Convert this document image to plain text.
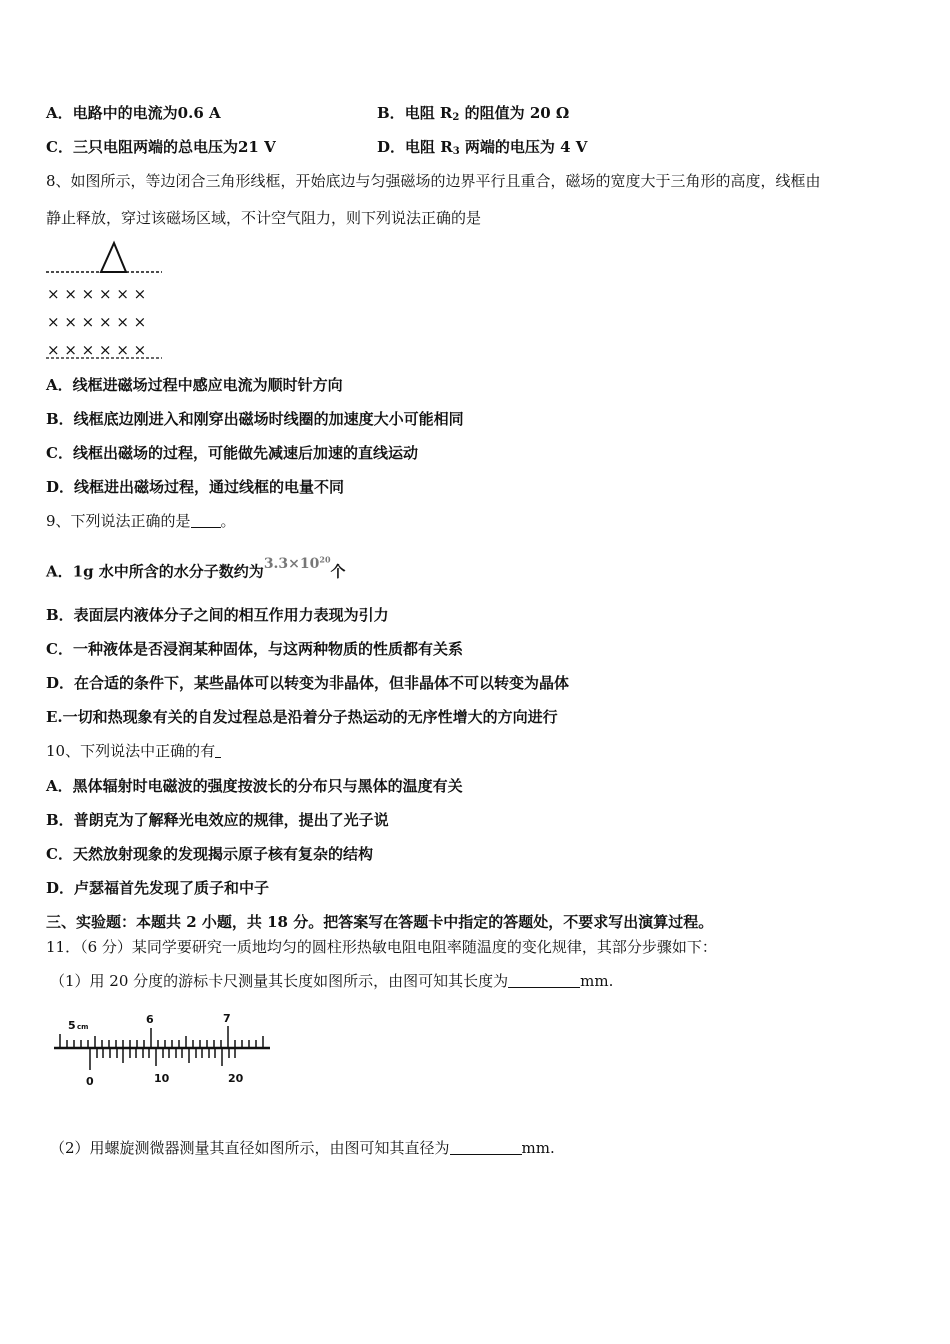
A．电路中的电流为0.6 A	B．电阻 $R_2$ 的阻值为 20 Ω
C．三只电阻两端的总电压为21 V	D．电阻 $R_3$ 两端的电压为 4 V
8、如图所示，等边闭合三角形线框，开始底边与匀强磁场的边界平行且重合，磁场的宽度大于三角形的高度，线框由
静止释放，穿过该磁场区域，不计空气阻力，则下列说法正确的是
× × × × × ×
× × × × × ×
× × × × × ×
A．线框进磁场过程中感应电流为顺时针方向
B．线框底边刚进入和刚穿出磁场时线圈的加速度大小可能相同
C．线框出磁场的过程，可能做先减速后加速的直线运动
D．线框进出磁场过程，通过线框的电量不同
9、下列说法正确的是 。
A．1g 水中所含的水分子数约为$3.3\times 10^{20}$个
B．表面层内液体分子之间的相互作用力表现为引力
C．一种液体是否浸润某种固体，与这两种物质的性质都有关系
D．在合适的条件下，某些晶体可以转变为非晶体，但非晶体不可以转变为晶体
E.一切和热现象有关的自发过程总是沿着分子热运动的无序性增大的方向进行
10、下列说法中正确的有
A．黑体辐射时电磁波的强度按波长的分布只与黑体的温度有关
B．普朗克为了解释光电效应的规律，提出了光子说
C．天然放射现象的发现揭示原子核有复杂的结构
D．卢瑟福首先发现了质子和中子
三、实验题：本题共 2 小题，共 18 分。把答案写在答题卡中指定的答题处，不要求写出演算过程。
11．（6 分）某同学要研究一质地均匀的圆柱形热敏电阻电阻率随温度的变化规律，其部分步骤如下：
（1）用 20 分度的游标卡尺测量其长度如图所示，由图可知其长度为	mm.
5 cm
6	7
0	10	20
（2）用螺旋测微器测量其直径如图所示，由图可知其直径为	mm.
